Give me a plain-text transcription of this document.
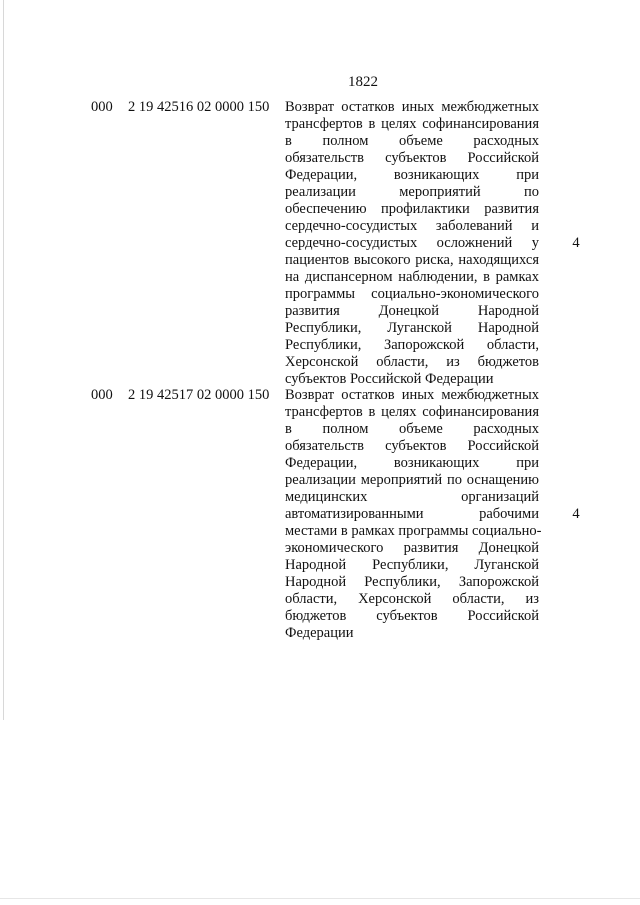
1822
000 2 19 42516 02 0000 150 Возврат остатков иных межбюджетных
трансфертов в целях софинансирования
в полном объеме расходных
обязательств субъектов Российской
Федерации, возникающих при
реализации мероприятий по
обеспечению профилактики развития
сердечно-сосудистых заболеваний и
сердечно-сосудистых осложнений у
пациентов высокого риска, находящихся
на диспансерном наблюдении, в рамках
программы социально-экономического
развития Донецкой Народной
Республики, Луганской Народной
Республики, Запорожской области,
Херсонской области, из бюджетов
субъектов Российской Федерации
4
000 2 19 42517 02 0000 150 Возврат остатков иных межбюджетных
трансфертов в целях софинансирования
в полном объеме расходных
обязательств субъектов Российской
Федерации, возникающих при
реализации мероприятий по оснащению
медицинских организаций
автоматизированными рабочими
местами в рамках программы социально-
экономического развития Донецкой
Народной Республики, Луганской
Народной Республики, Запорожской
области, Херсонской области, из
бюджетов субъектов Российской
Федерации
4
